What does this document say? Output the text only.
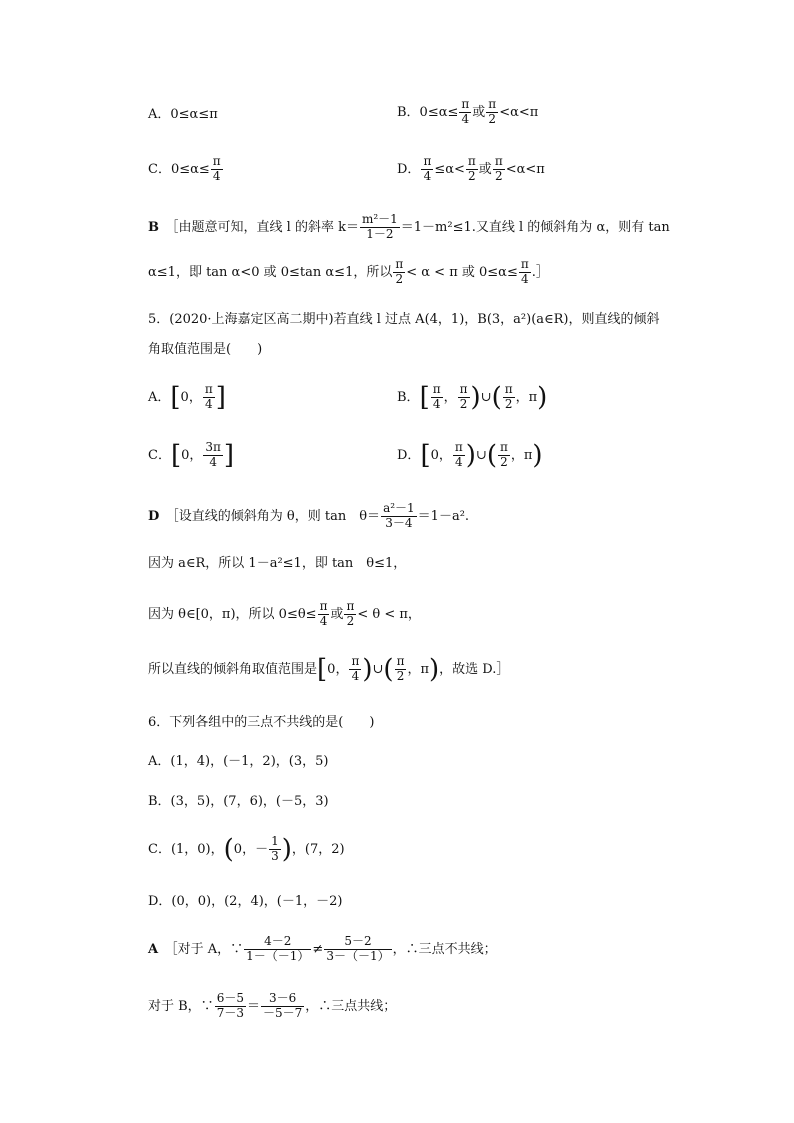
A．0≤α≤π	B．$0\le\alpha\le \frac{\pi}{4}$ 或 $\frac{\pi}{2} <\alpha<\pi$
C．$0\le\alpha\le \frac{\pi}{4}$	D． $\frac{\pi}{4} \le\alpha< \frac{\pi}{2}$ 或 $\frac{\pi}{2} <\alpha<\pi$
B　 ［由题意可知，直线 l 的斜率 $k= \frac{\text{m²－1}}{1-2} =1-m^2\le 1$.又直线 l 的倾斜角为 α，则有 tan
α≤1，即 tan α<0 或 0≤tan α≤1，所以 $\frac{\pi}{2} < \alpha < \pi$ 或 $0\le\alpha\le \frac{\pi}{4}$ .］
5．(2020·上海嘉定区高二期中)若直线 l 过点 A(4，1)，B(3，a²)(a∈R)，则直线的倾斜
角取值范围是(　　)
A．[0， $\frac{\pi}{4}$ ]	B．[ $\frac{\pi}{4}$ ， $\frac{\pi}{2}$ )∪( $\frac{\pi}{2}$ ，π)
C．[0， $\frac{3\pi}{4}$ ]	D．[0， $\frac{\pi}{4}$ )∪( $\frac{\pi}{2}$ ，π)
D　 ［设直线的倾斜角为 θ，则 tan　$\theta= \frac{\text{a²－1}}{3-4} =1-a^2$.
因为 a∈R，所以 1－a²≤1，即 tan　θ≤1，
因为 θ∈[0，π)，所以 $0\le\theta\le \frac{\pi}{4}$ 或 $\frac{\pi}{2} < \theta < \pi$，
所以直线的倾斜角取值范围是[0， $\frac{\pi}{4}$ )∪( $\frac{\pi}{2}$ ，π)，故选 D.］
6．下列各组中的三点不共线的是(　　)
A．(1，4)，(－1，2)，(3，5)
B．(3，5)，(7，6)，(－5，3)
C．(1，0)，(0，－ $\frac{1}{3}$ )，(7，2)
D．(0，0)，(2，4)，(－1，－2)
A　 ［对于 A，∵ $\frac{4-2}{1-(-1)} \ne \frac{5-2}{3-(-1)}$ ，∴三点不共线；
对于 B，∵ $\frac{6-5}{7-3} = \frac{3-6}{-5-7}$ ，∴三点共线；
